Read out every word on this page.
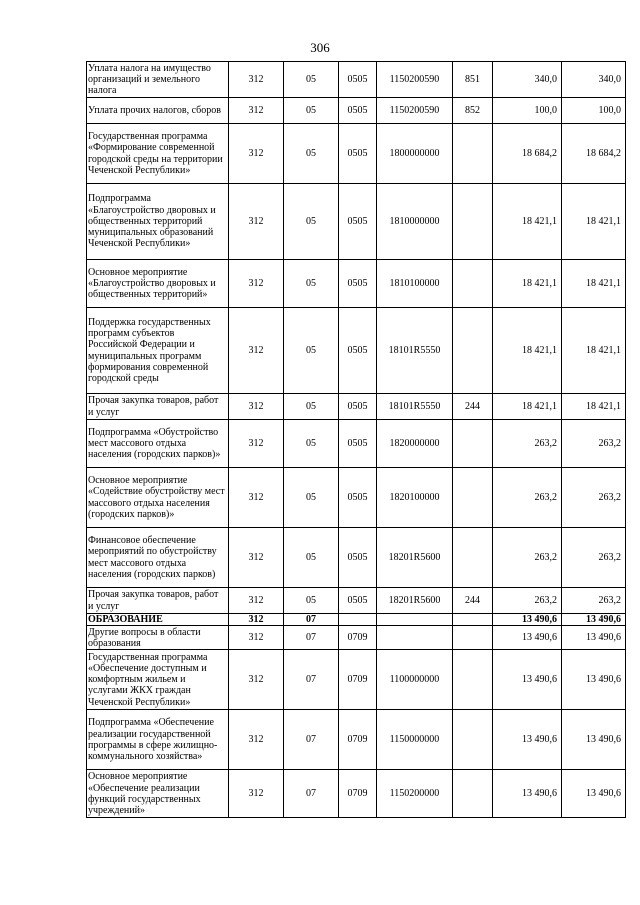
306
Уплата налога на имущество организаций и земельного налога	312	05	0505	1150200590	851	340,0	340,0
Уплата прочих налогов, сборов	312	05	0505	1150200590	852	100,0	100,0
Государственная программа «Формирование современной городской среды на территории Чеченской Республики»	312	05	0505	1800000000		18 684,2	18 684,2
Подпрограмма «Благоустройство дворовых и общественных территорий муниципальных образований Чеченской Республики»	312	05	0505	1810000000		18 421,1	18 421,1
Основное мероприятие «Благоустройство дворовых и общественных территорий»	312	05	0505	1810100000		18 421,1	18 421,1
Поддержка государственных программ субъектов Российской Федерации и муниципальных программ формирования современной городской среды	312	05	0505	18101R5550		18 421,1	18 421,1
Прочая закупка товаров, работ и услуг	312	05	0505	18101R5550	244	18 421,1	18 421,1
Подпрограмма «Обустройство мест массового отдыха населения (городских парков)»	312	05	0505	1820000000		263,2	263,2
Основное мероприятие «Содействие обустройству мест массового отдыха населения (городских парков)»	312	05	0505	1820100000		263,2	263,2
Финансовое обеспечение мероприятий по обустройству мест массового отдыха населения (городских парков)	312	05	0505	18201R5600		263,2	263,2
Прочая закупка товаров, работ и услуг	312	05	0505	18201R5600	244	263,2	263,2
ОБРАЗОВАНИЕ	312	07				13 490,6	13 490,6
Другие вопросы в области образования	312	07	0709			13 490,6	13 490,6
Государственная программа «Обеспечение доступным и комфортным жильем и услугами ЖКХ граждан Чеченской Республики»	312	07	0709	1100000000		13 490,6	13 490,6
Подпрограмма «Обеспечение реализации государственной программы в сфере жилищно-коммунального хозяйства»	312	07	0709	1150000000		13 490,6	13 490,6
Основное мероприятие «Обеспечение реализации функций государственных учреждений»	312	07	0709	1150200000		13 490,6	13 490,6
